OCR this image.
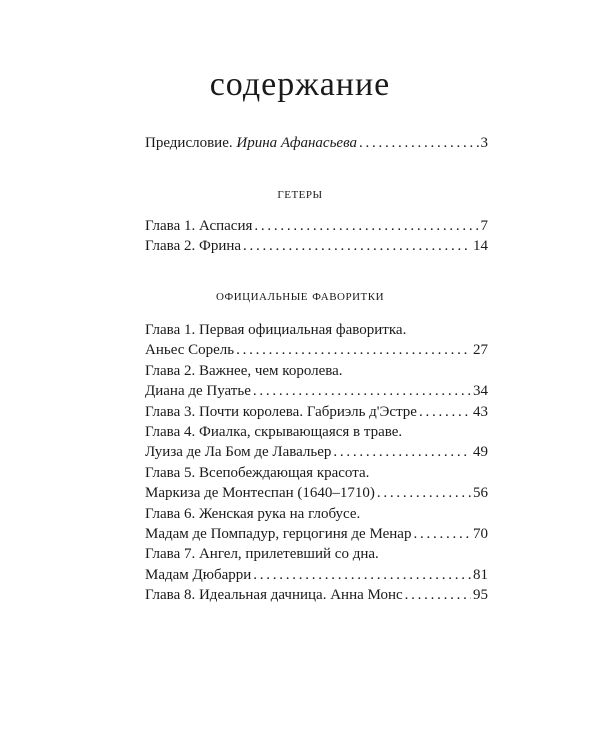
содержание
Предисловие. Ирина Афанасьева . . .	3
гетеры
Глава 1. Аспасия . . .	7
Глава 2. Фрина . . .	14
официальные фаворитки
Глава 1. Первая официальная фаворитка.
Аньес Сорель . . .	27
Глава 2. Важнее, чем королева.
Диана де Пуатье . . .	34
Глава 3. Почти королева. Габриэль д'Эстре . . .	43
Глава 4. Фиалка, скрывающаяся в траве.
Луиза де Ла Бом де Лавальер . . .	49
Глава 5. Всепобеждающая красота.
Маркиза де Монтеспан (1640–1710) . . .	56
Глава 6. Женская рука на глобусе.
Мадам де Помпадур, герцогиня де Менар . . .	70
Глава 7. Ангел, прилетевший со дна.
Мадам Дюбарри . . .	81
Глава 8. Идеальная дачница. Анна Монс . . .	95
